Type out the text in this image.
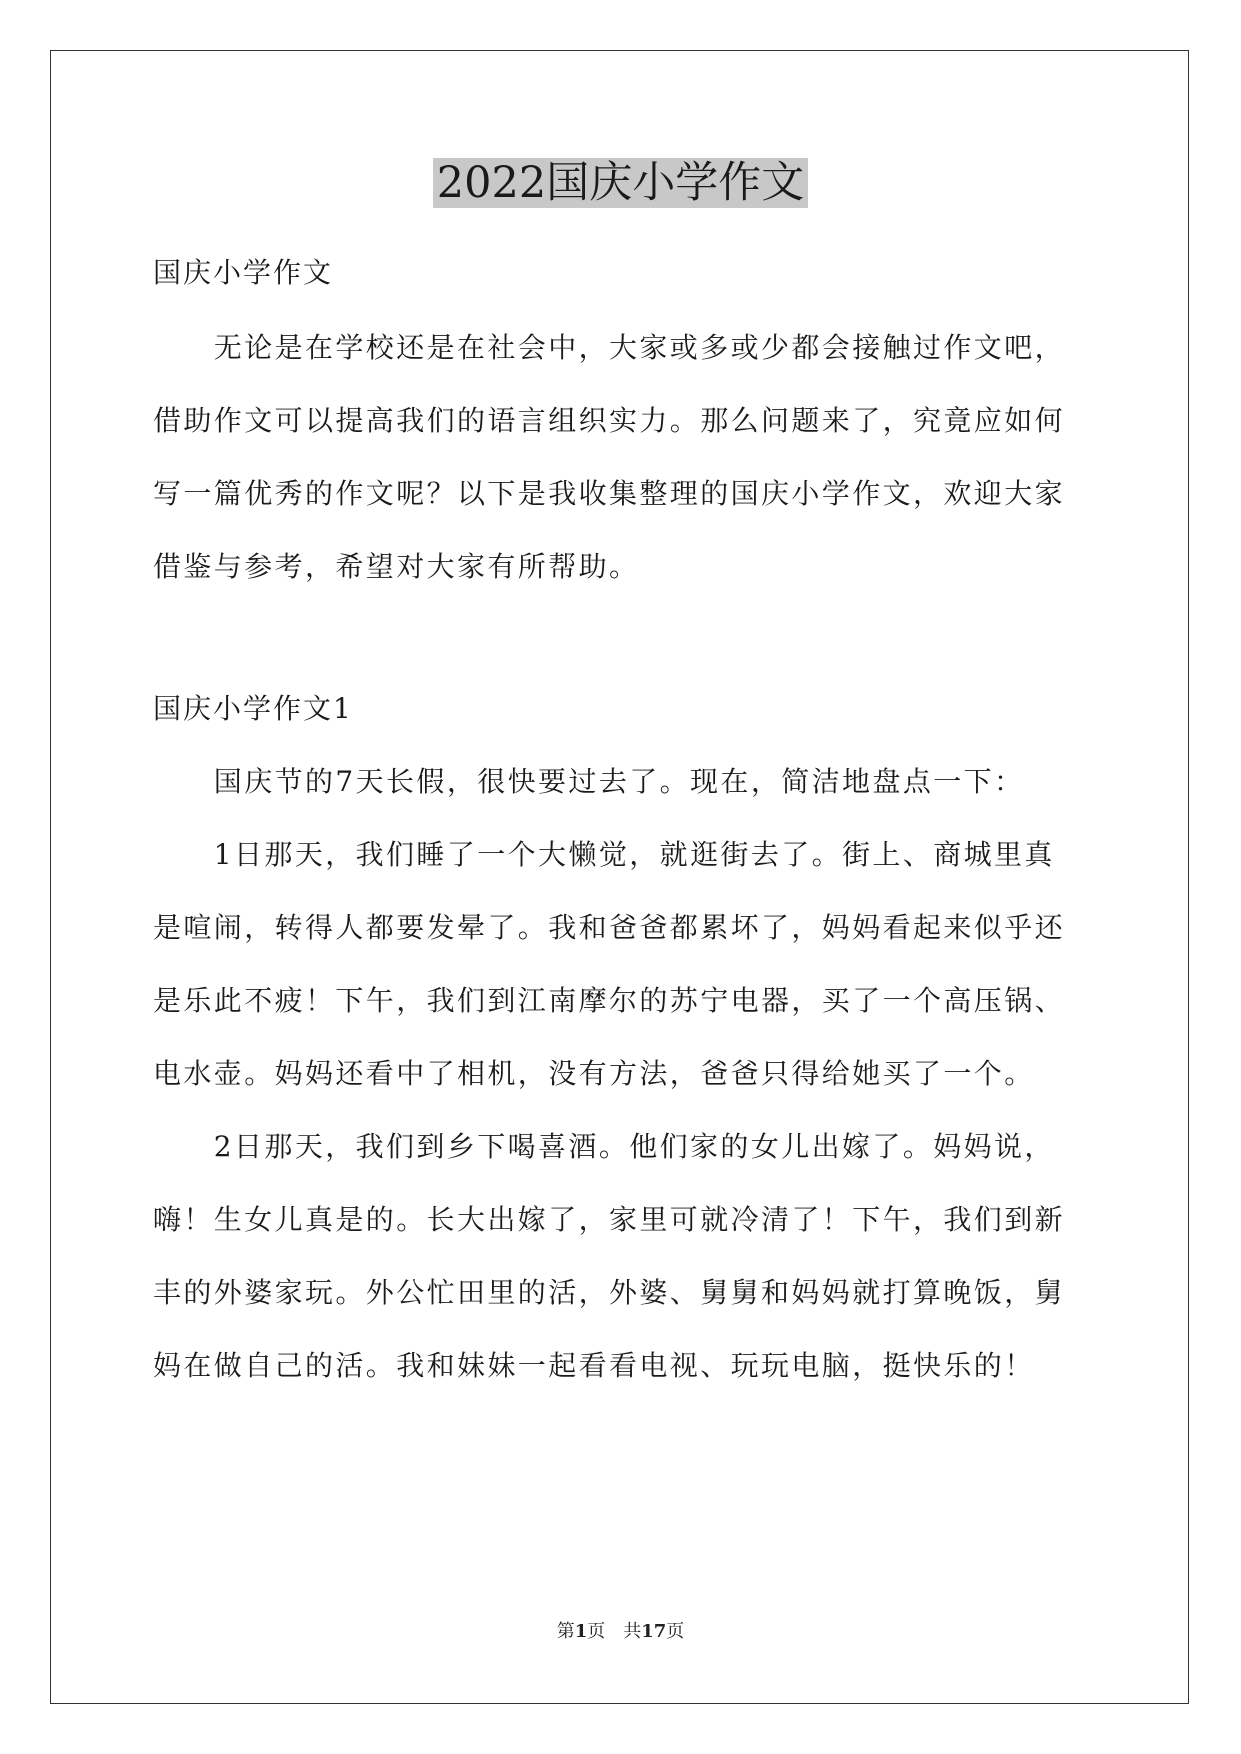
2022国庆小学作文
国庆小学作文
　　无论是在学校还是在社会中，大家或多或少都会接触过作文吧，
借助作文可以提高我们的语言组织实力。那么问题来了，究竟应如何
写一篇优秀的作文呢？以下是我收集整理的国庆小学作文，欢迎大家
借鉴与参考，希望对大家有所帮助。
国庆小学作文1
　　国庆节的7天长假，很快要过去了。现在，简洁地盘点一下：
　　1日那天，我们睡了一个大懒觉，就逛街去了。街上、商城里真
是喧闹，转得人都要发晕了。我和爸爸都累坏了，妈妈看起来似乎还
是乐此不疲！下午，我们到江南摩尔的苏宁电器，买了一个高压锅、
电水壶。妈妈还看中了相机，没有方法，爸爸只得给她买了一个。
　　2日那天，我们到乡下喝喜酒。他们家的女儿出嫁了。妈妈说，
嗨！生女儿真是的。长大出嫁了，家里可就冷清了！下午，我们到新
丰的外婆家玩。外公忙田里的活，外婆、舅舅和妈妈就打算晚饭，舅
妈在做自己的活。我和妹妹一起看看电视、玩玩电脑，挺快乐的！
第1页　共17页
